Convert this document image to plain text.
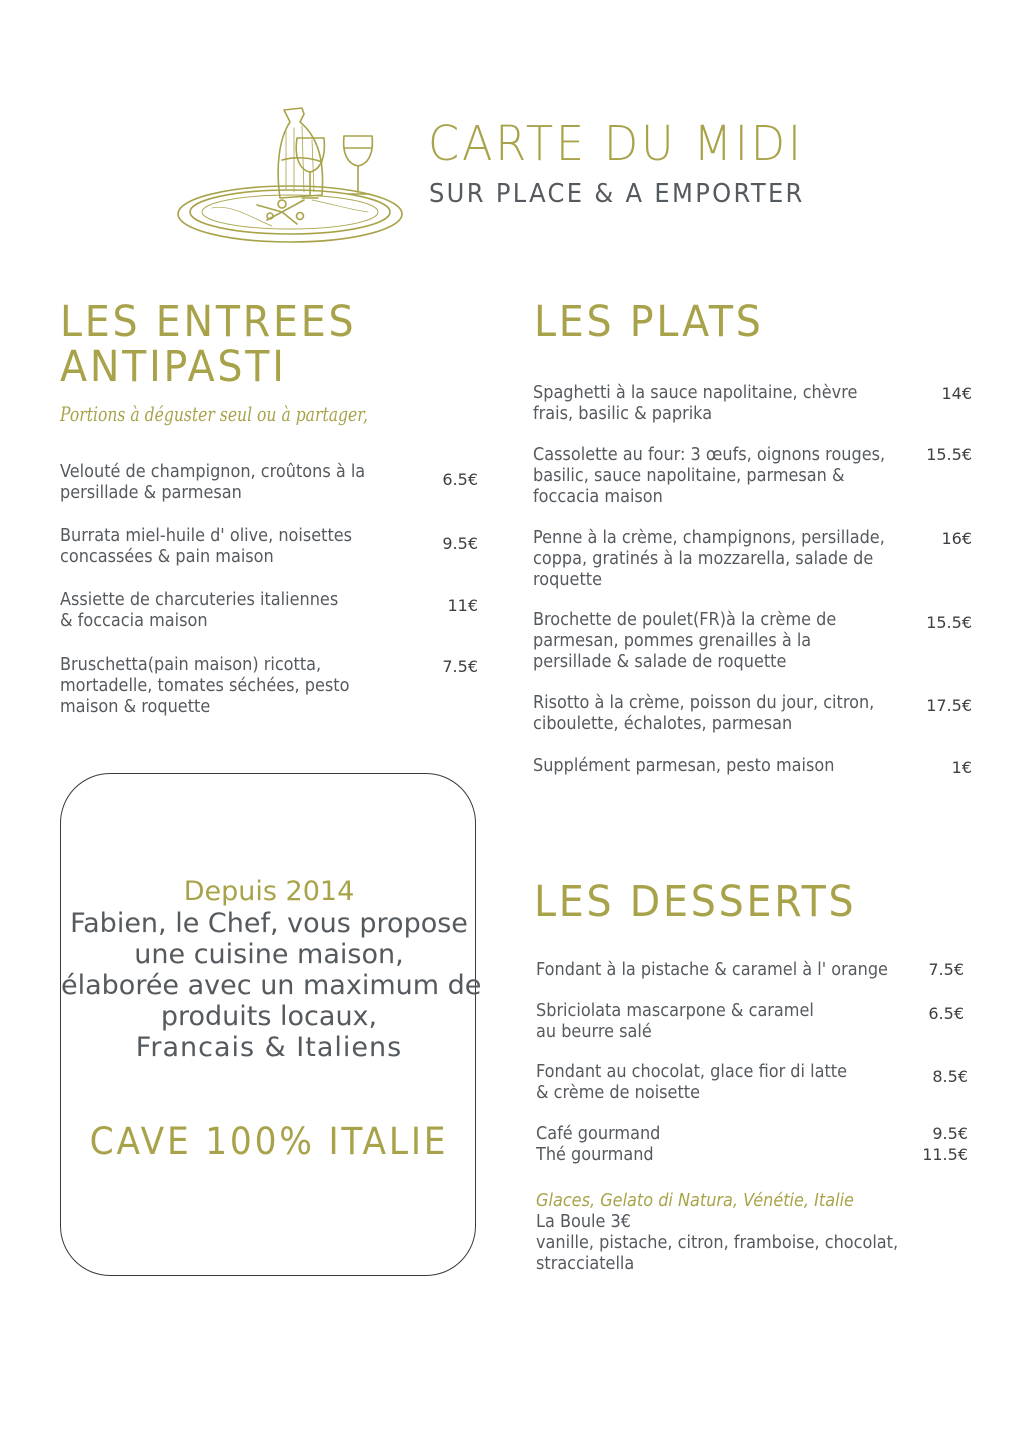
CARTE DU MIDI
SUR PLACE & A EMPORTER
LES ENTREES
ANTIPASTI
Portions à déguster seul ou à partager,
Velouté de champignon, croûtons à la
persillade & parmesan
6.5€
Burrata miel-huile d' olive, noisettes
concassées & pain maison
9.5€
Assiette de charcuteries italiennes
& foccacia maison
11€
Bruschetta(pain maison) ricotta,
mortadelle, tomates séchées, pesto
maison & roquette
7.5€
Depuis 2014
Fabien, le Chef, vous propose
une cuisine maison,
élaborée avec un maximum de
produits locaux,
Francais & Italiens
CAVE 100% ITALIE
LES PLATS
Spaghetti à la sauce napolitaine, chèvre
frais, basilic & paprika
14€
Cassolette au four: 3 œufs, oignons rouges,
basilic, sauce napolitaine, parmesan &
foccacia maison
15.5€
Penne à la crème, champignons, persillade,
coppa, gratinés à la mozzarella, salade de
roquette
16€
Brochette de poulet(FR)à la crème de
parmesan, pommes grenailles à la
persillade & salade de roquette
15.5€
Risotto à la crème, poisson du jour, citron,
ciboulette, échalotes, parmesan
17.5€
Supplément parmesan, pesto maison	1€
LES DESSERTS
Fondant à la pistache & caramel à l' orange	7.5€
Sbriciolata mascarpone & caramel
au beurre salé
6.5€
Fondant au chocolat, glace fior di latte
& crème de noisette
8.5€
Café gourmand
Thé gourmand
9.5€
11.5€
Glaces, Gelato di Natura, Vénétie, Italie
La Boule 3€
vanille, pistache, citron, framboise, chocolat,
stracciatella
